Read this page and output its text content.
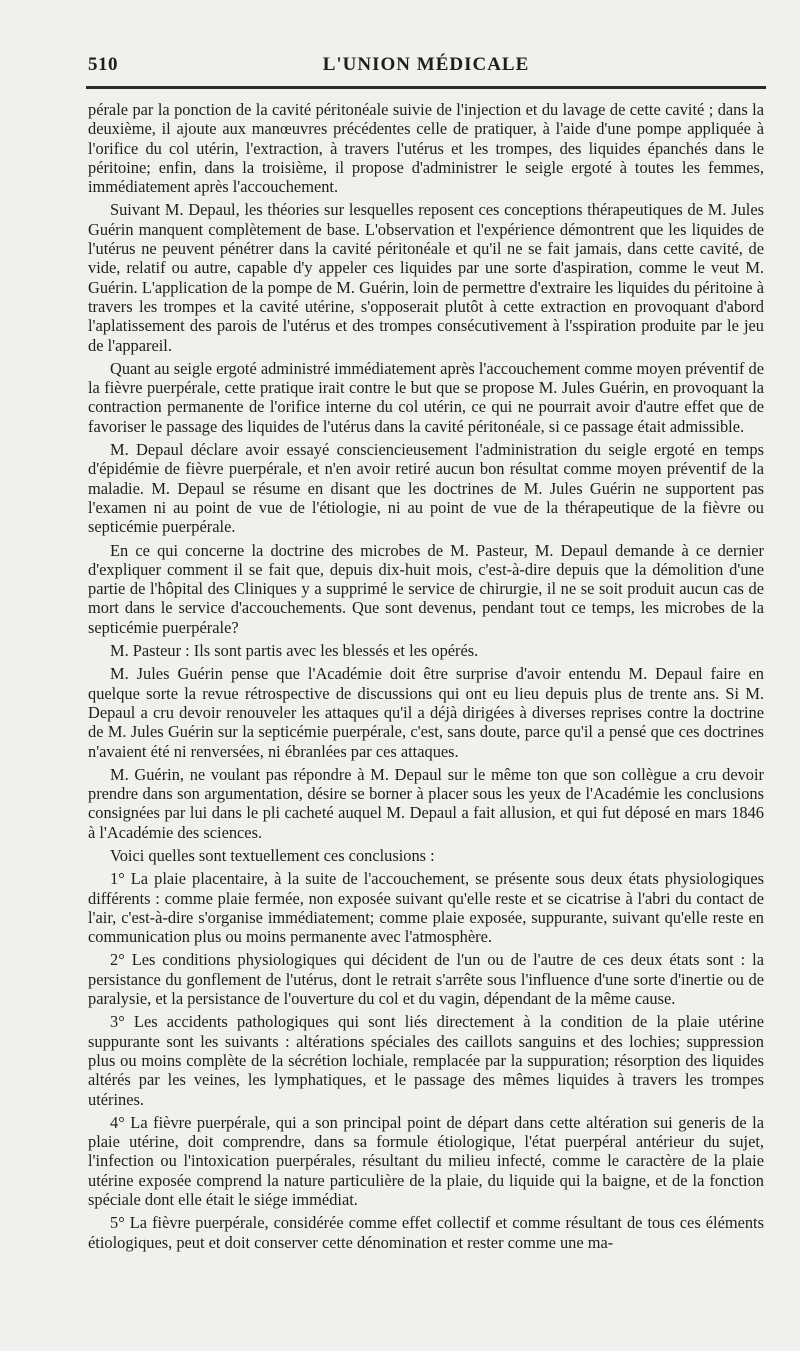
510	L'UNION MÉDICALE

pérale par la ponction de la cavité péritonéale suivie de l'injection et du lavage de cette cavité ; dans la deuxième, il ajoute aux manœuvres précédentes celle de pratiquer, à l'aide d'une pompe appliquée à l'orifice du col utérin, l'extraction, à travers l'utérus et les trompes, des liquides épanchés dans le péritoine; enfin, dans la troisième, il propose d'administrer le seigle ergoté à toutes les femmes, immédiatement après l'accouchement.

Suivant M. Depaul, les théories sur lesquelles reposent ces conceptions thérapeutiques de M. Jules Guérin manquent complètement de base. L'observation et l'expérience démontrent que les liquides de l'utérus ne peuvent pénétrer dans la cavité péritonéale et qu'il ne se fait jamais, dans cette cavité, de vide, relatif ou autre, capable d'y appeler ces liquides par une sorte d'aspiration, comme le veut M. Guérin. L'application de la pompe de M. Guérin, loin de permettre d'extraire les liquides du péritoine à travers les trompes et la cavité utérine, s'opposerait plutôt à cette extraction en provoquant d'abord l'aplatissement des parois de l'utérus et des trompes consécutivement à l'sspiration produite par le jeu de l'appareil.

Quant au seigle ergoté administré immédiatement après l'accouchement comme moyen préventif de la fièvre puerpérale, cette pratique irait contre le but que se propose M. Jules Guérin, en provoquant la contraction permanente de l'orifice interne du col utérin, ce qui ne pourrait avoir d'autre effet que de favoriser le passage des liquides de l'utérus dans la cavité péritonéale, si ce passage était admissible.

M. Depaul déclare avoir essayé consciencieusement l'administration du seigle ergoté en temps d'épidémie de fièvre puerpérale, et n'en avoir retiré aucun bon résultat comme moyen préventif de la maladie. M. Depaul se résume en disant que les doctrines de M. Jules Guérin ne supportent pas l'examen ni au point de vue de l'étiologie, ni au point de vue de la thérapeutique de la fièvre ou septicémie puerpérale.

En ce qui concerne la doctrine des microbes de M. Pasteur, M. Depaul demande à ce dernier d'expliquer comment il se fait que, depuis dix-huit mois, c'est-à-dire depuis que la démolition d'une partie de l'hôpital des Cliniques y a supprimé le service de chirurgie, il ne se soit produit aucun cas de mort dans le service d'accouchements. Que sont devenus, pendant tout ce temps, les microbes de la septicémie puerpérale?

M. Pasteur : Ils sont partis avec les blessés et les opérés.

M. Jules Guérin pense que l'Académie doit être surprise d'avoir entendu M. Depaul faire en quelque sorte la revue rétrospective de discussions qui ont eu lieu depuis plus de trente ans. Si M. Depaul a cru devoir renouveler les attaques qu'il a déjà dirigées à diverses reprises contre la doctrine de M. Jules Guérin sur la septicémie puerpérale, c'est, sans doute, parce qu'il a pensé que ces doctrines n'avaient été ni renversées, ni ébranlées par ces attaques.

M. Guérin, ne voulant pas répondre à M. Depaul sur le même ton que son collègue a cru devoir prendre dans son argumentation, désire se borner à placer sous les yeux de l'Académie les conclusions consignées par lui dans le pli cacheté auquel M. Depaul a fait allusion, et qui fut déposé en mars 1846 à l'Académie des sciences.

Voici quelles sont textuellement ces conclusions :

1° La plaie placentaire, à la suite de l'accouchement, se présente sous deux états physiologiques différents : comme plaie fermée, non exposée suivant qu'elle reste et se cicatrise à l'abri du contact de l'air, c'est-à-dire s'organise immédiatement; comme plaie exposée, suppurante, suivant qu'elle reste en communication plus ou moins permanente avec l'atmosphère.

2° Les conditions physiologiques qui décident de l'un ou de l'autre de ces deux états sont : la persistance du gonflement de l'utérus, dont le retrait s'arrête sous l'influence d'une sorte d'inertie ou de paralysie, et la persistance de l'ouverture du col et du vagin, dépendant de la même cause.

3° Les accidents pathologiques qui sont liés directement à la condition de la plaie utérine suppurante sont les suivants : altérations spéciales des caillots sanguins et des lochies; suppression plus ou moins complète de la sécrétion lochiale, remplacée par la suppuration; résorption des liquides altérés par les veines, les lymphatiques, et le passage des mêmes liquides à travers les trompes utérines.

4° La fièvre puerpérale, qui a son principal point de départ dans cette altération sui generis de la plaie utérine, doit comprendre, dans sa formule étiologique, l'état puerpéral antérieur du sujet, l'infection ou l'intoxication puerpérales, résultant du milieu infecté, comme le caractère de la plaie utérine exposée comprend la nature particulière de la plaie, du liquide qui la baigne, et de la fonction spéciale dont elle était le siége immédiat.

5° La fièvre puerpérale, considérée comme effet collectif et comme résultant de tous ces éléments étiologiques, peut et doit conserver cette dénomination et rester comme une ma-
